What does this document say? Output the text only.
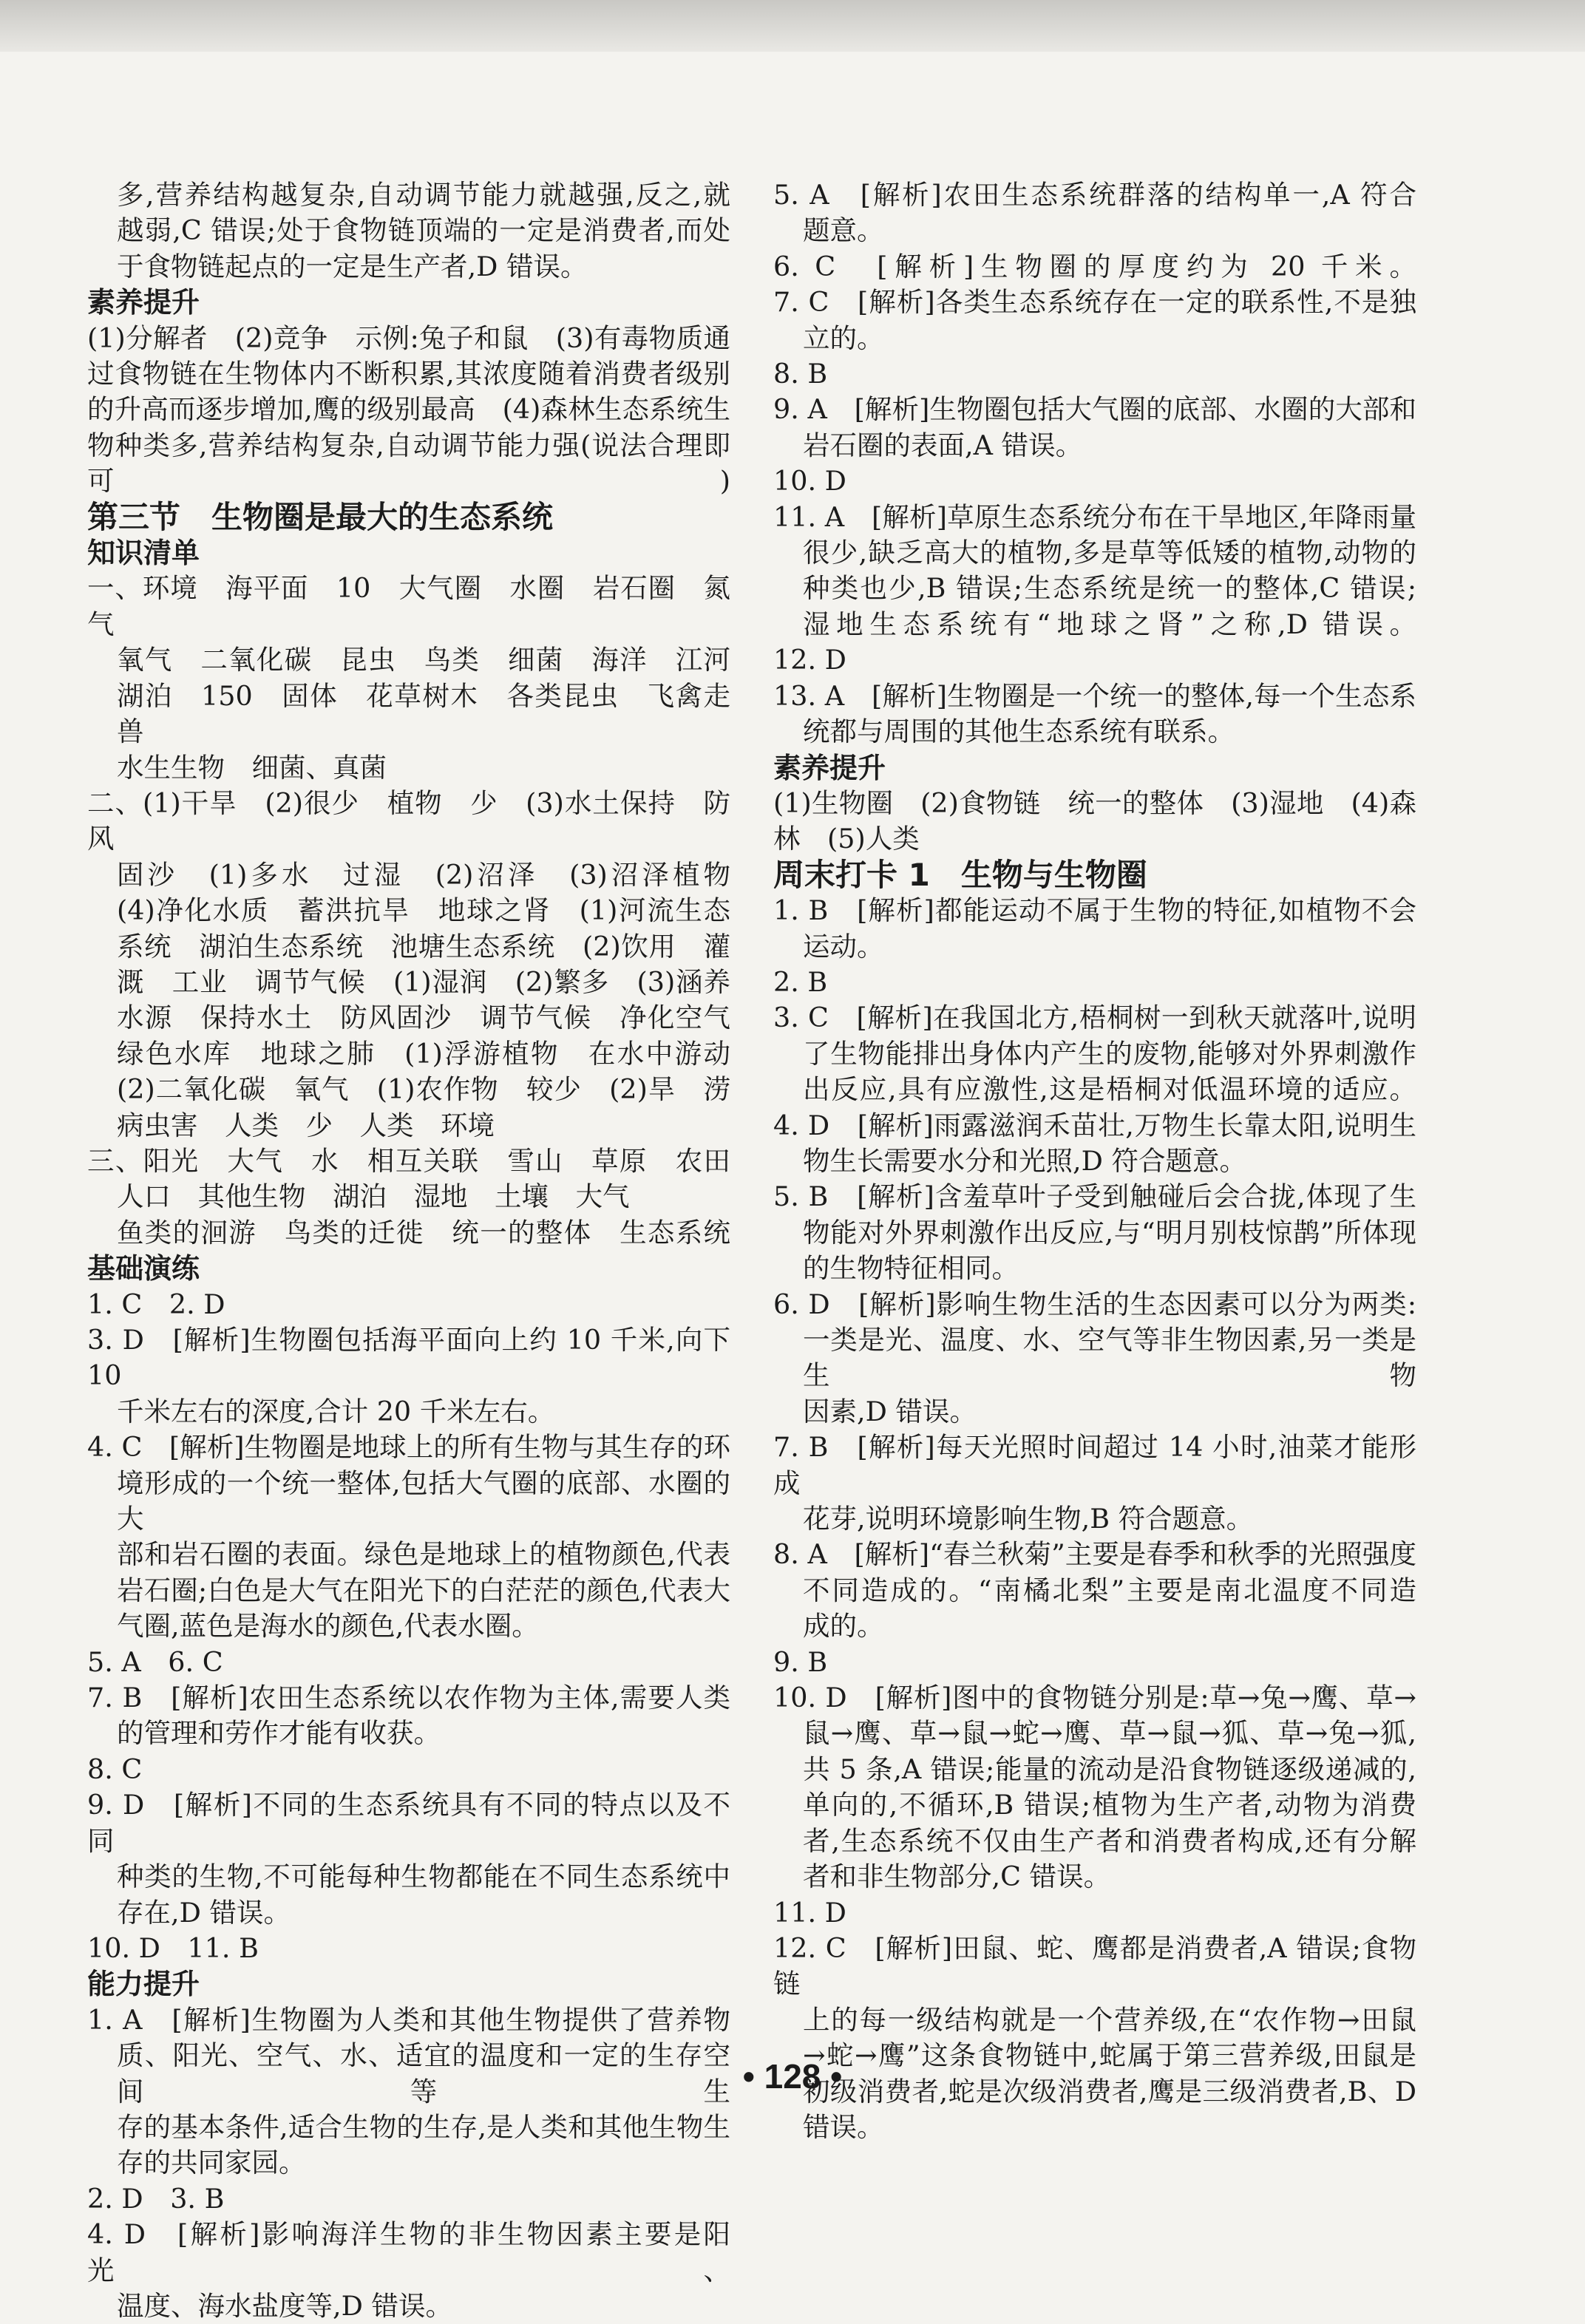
多,营养结构越复杂,自动调节能力就越强,反之,就

越弱,C 错误;处于食物链顶端的一定是消费者,而处

于食物链起点的一定是生产者,D 错误。

素养提升

(1)分解者　(2)竞争　示例:兔子和鼠　(3)有毒物质通

过食物链在生物体内不断积累,其浓度随着消费者级别

的升高而逐步增加,鹰的级别最高　(4)森林生态系统生

物种类多,营养结构复杂,自动调节能力强(说法合理即可)

第三节　生物圈是最大的生态系统

知识清单

一、环境　海平面　10　大气圈　水圈　岩石圈　氮气

氧气　二氧化碳　昆虫　鸟类　细菌　海洋　江河

湖泊　150　固体　花草树木　各类昆虫　飞禽走兽

水生生物　细菌、真菌

二、(1)干旱　(2)很少　植物　少　(3)水土保持　防风

固沙　(1)多水　过湿　(2)沼泽　(3)沼泽植物

(4)净化水质　蓄洪抗旱　地球之肾　(1)河流生态

系统　湖泊生态系统　池塘生态系统　(2)饮用　灌

溉　工业　调节气候　(1)湿润　(2)繁多　(3)涵养

水源　保持水土　防风固沙　调节气候　净化空气

绿色水库　地球之肺　(1)浮游植物　在水中游动

(2)二氧化碳　氧气　(1)农作物　较少　(2)旱　涝

病虫害　人类　少　人类　环境

三、阳光　大气　水　相互关联　雪山　草原　农田

人口　其他生物　湖泊　湿地　土壤　大气

鱼类的洄游　鸟类的迁徙　统一的整体　生态系统

基础演练

1. C　2. D

3. D　[解析]生物圈包括海平面向上约 10 千米,向下 10

千米左右的深度,合计 20 千米左右。

4. C　[解析]生物圈是地球上的所有生物与其生存的环

境形成的一个统一整体,包括大气圈的底部、水圈的大

部和岩石圈的表面。绿色是地球上的植物颜色,代表

岩石圈;白色是大气在阳光下的白茫茫的颜色,代表大

气圈,蓝色是海水的颜色,代表水圈。

5. A　6. C

7. B　[解析]农田生态系统以农作物为主体,需要人类

的管理和劳作才能有收获。

8. C

9. D　[解析]不同的生态系统具有不同的特点以及不同

种类的生物,不可能每种生物都能在不同生态系统中

存在,D 错误。

10. D　11. B

能力提升

1. A　[解析]生物圈为人类和其他生物提供了营养物

质、阳光、空气、水、适宜的温度和一定的生存空间等生

存的基本条件,适合生物的生存,是人类和其他生物生

存的共同家园。

2. D　3. B

4. D　[解析]影响海洋生物的非生物因素主要是阳光、

温度、海水盐度等,D 错误。

5. A　[解析]农田生态系统群落的结构单一,A 符合

题意。

6. C　[解析]生物圈的厚度约为 20 千米。

7. C　[解析]各类生态系统存在一定的联系性,不是独

立的。

8. B

9. A　[解析]生物圈包括大气圈的底部、水圈的大部和

岩石圈的表面,A 错误。

10. D

11. A　[解析]草原生态系统分布在干旱地区,年降雨量

很少,缺乏高大的植物,多是草等低矮的植物,动物的

种类也少,B 错误;生态系统是统一的整体,C 错误;

湿地生态系统有“地球之肾”之称,D 错误。

12. D

13. A　[解析]生物圈是一个统一的整体,每一个生态系

统都与周围的其他生态系统有联系。

素养提升

(1)生物圈　(2)食物链　统一的整体　(3)湿地　(4)森

林　(5)人类

周末打卡 1　生物与生物圈

1. B　[解析]都能运动不属于生物的特征,如植物不会

运动。

2. B

3. C　[解析]在我国北方,梧桐树一到秋天就落叶,说明

了生物能排出身体内产生的废物,能够对外界刺激作

出反应,具有应激性,这是梧桐对低温环境的适应。

4. D　[解析]雨露滋润禾苗壮,万物生长靠太阳,说明生

物生长需要水分和光照,D 符合题意。

5. B　[解析]含羞草叶子受到触碰后会合拢,体现了生

物能对外界刺激作出反应,与“明月别枝惊鹊”所体现

的生物特征相同。

6. D　[解析]影响生物生活的生态因素可以分为两类:

一类是光、温度、水、空气等非生物因素,另一类是生物

因素,D 错误。

7. B　[解析]每天光照时间超过 14 小时,油菜才能形成

花芽,说明环境影响生物,B 符合题意。

8. A　[解析]“春兰秋菊”主要是春季和秋季的光照强度

不同造成的。“南橘北梨”主要是南北温度不同造

成的。

9. B

10. D　[解析]图中的食物链分别是:草→兔→鹰、草→

鼠→鹰、草→鼠→蛇→鹰、草→鼠→狐、草→兔→狐,

共 5 条,A 错误;能量的流动是沿食物链逐级递减的,

单向的,不循环,B 错误;植物为生产者,动物为消费

者,生态系统不仅由生产者和消费者构成,还有分解

者和非生物部分,C 错误。

11. D

12. C　[解析]田鼠、蛇、鹰都是消费者,A 错误;食物链

上的每一级结构就是一个营养级,在“农作物→田鼠

→蛇→鹰”这条食物链中,蛇属于第三营养级,田鼠是

初级消费者,蛇是次级消费者,鹰是三级消费者,B、D

错误。

• 128 •
